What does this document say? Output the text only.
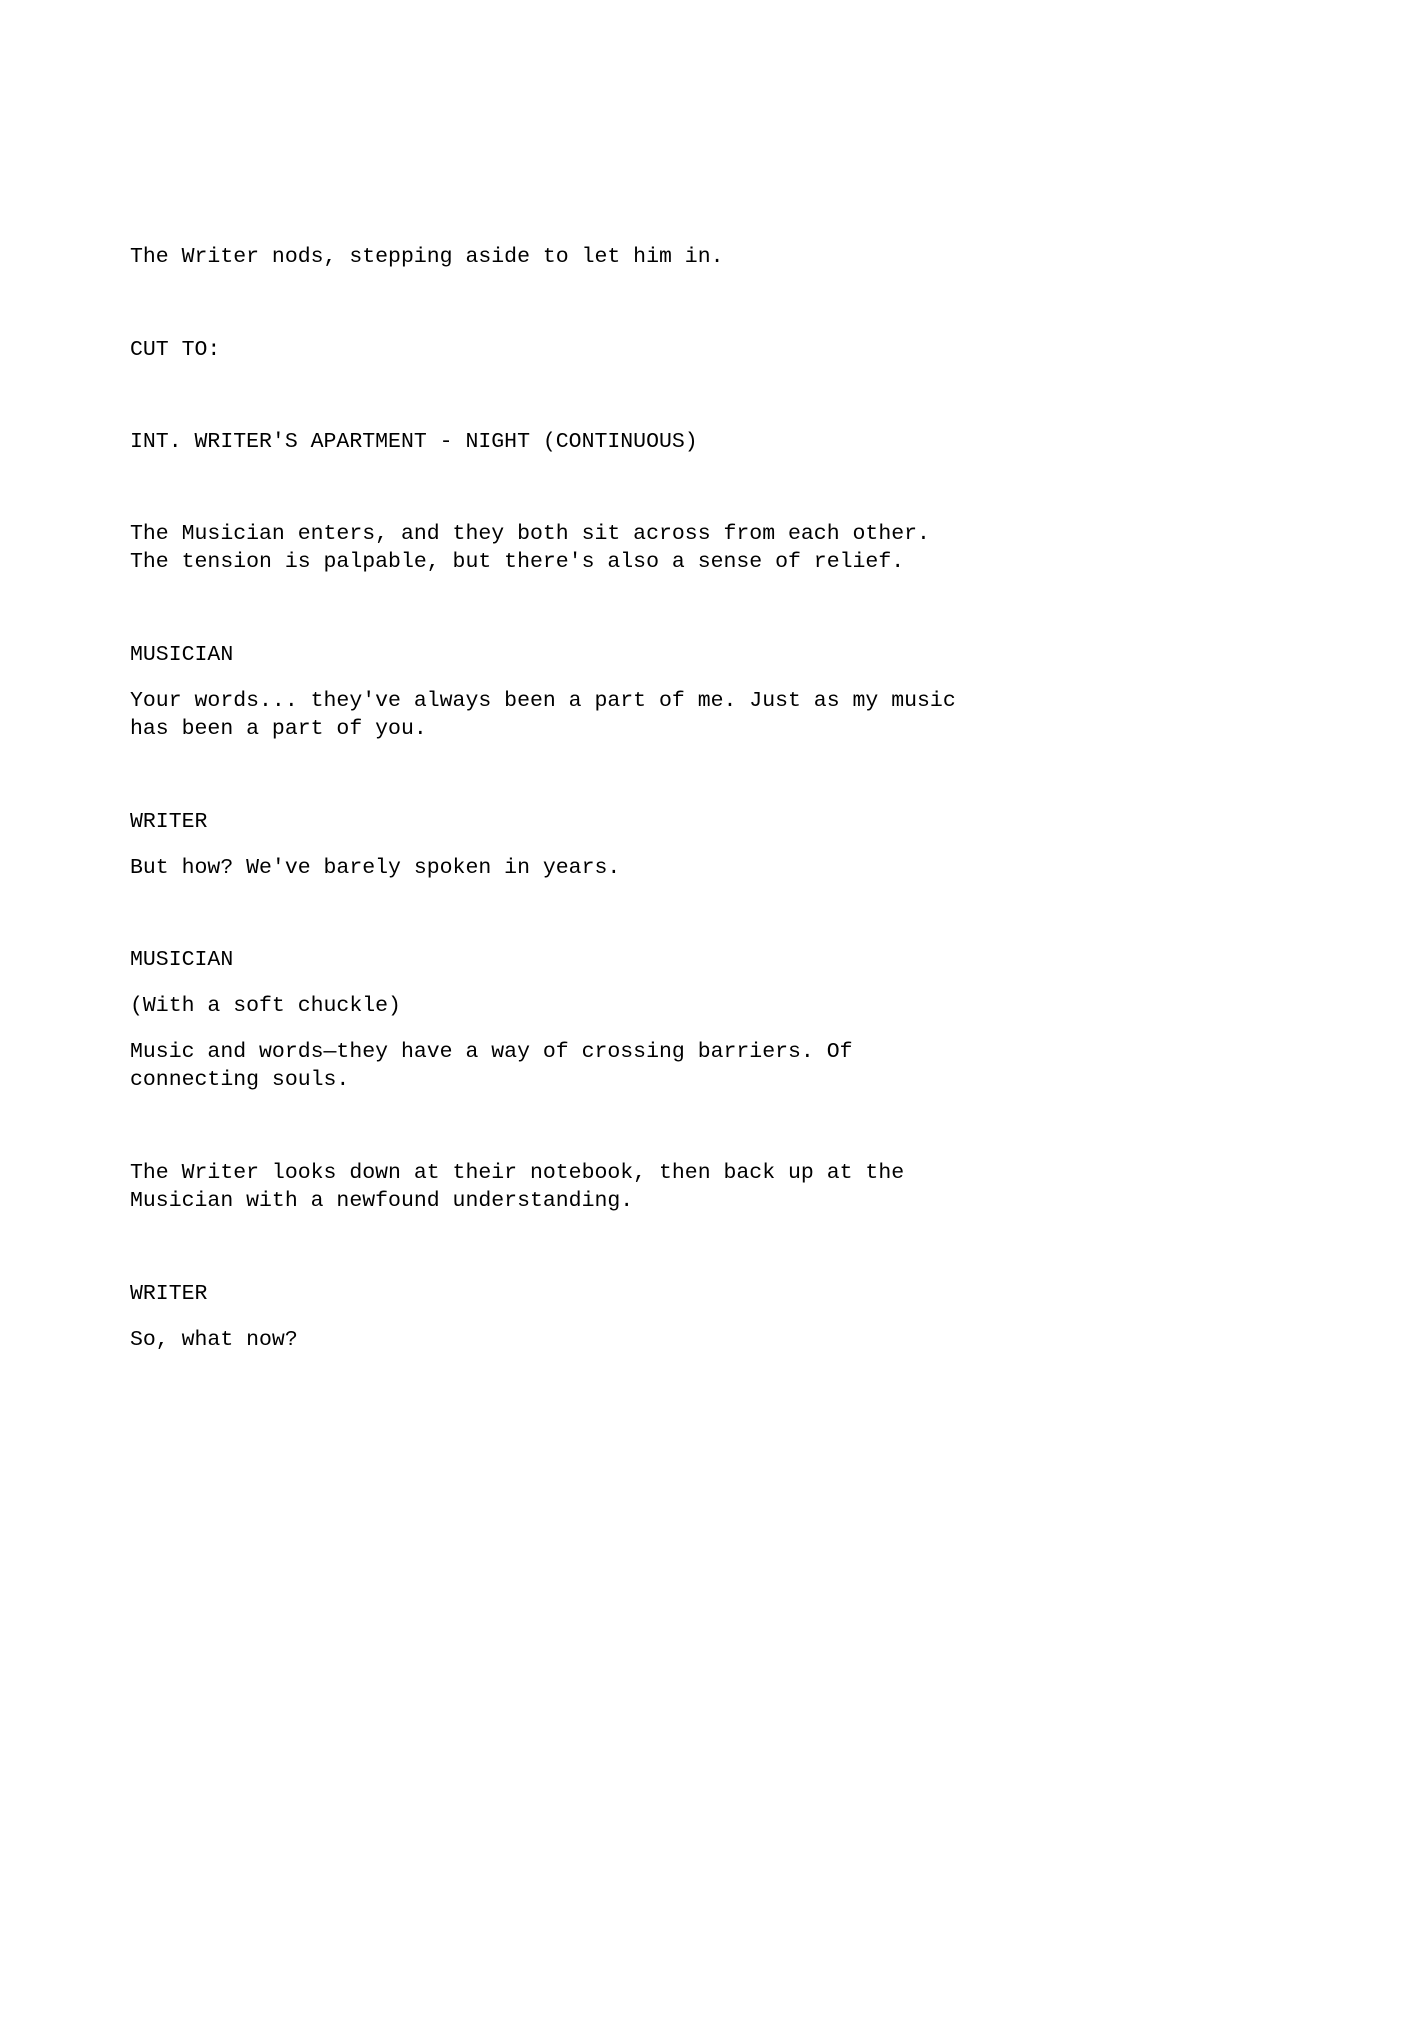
The Writer nods, stepping aside to let him in.

CUT TO:

INT. WRITER'S APARTMENT - NIGHT (CONTINUOUS)

The Musician enters, and they both sit across from each other.

The tension is palpable, but there's also a sense of relief.

MUSICIAN

Your words... they've always been a part of me. Just as my music

has been a part of you.

WRITER

But how? We've barely spoken in years.

MUSICIAN

(With a soft chuckle)

Music and words—they have a way of crossing barriers. Of

connecting souls.

The Writer looks down at their notebook, then back up at the

Musician with a newfound understanding.

WRITER

So, what now?
